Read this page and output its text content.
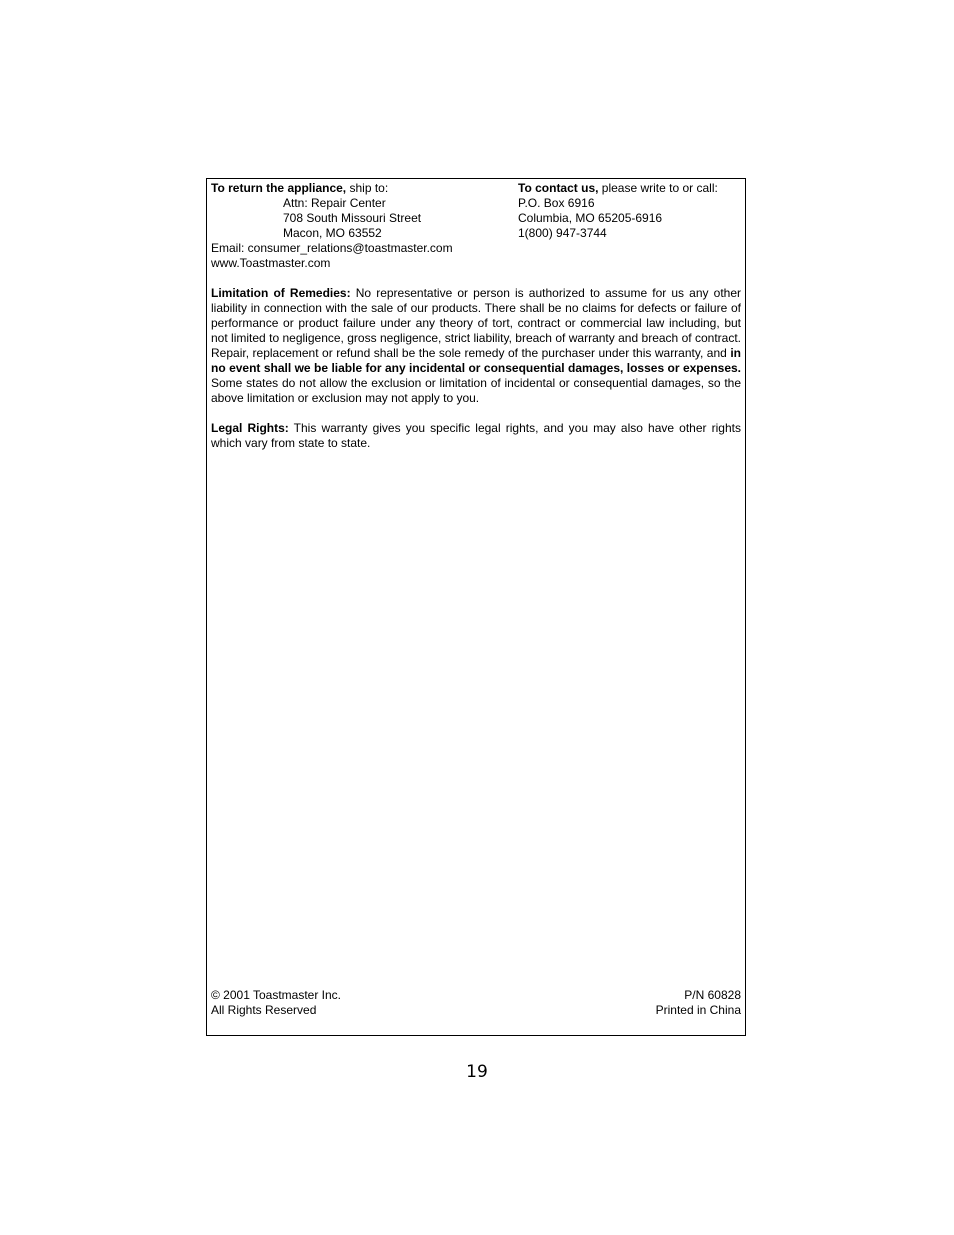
To return the appliance, ship to:
Attn: Repair Center
708 South Missouri Street
Macon, MO 63552
Email: consumer_relations@toastmaster.com
www.Toastmaster.com
To contact us, please write to or call:
P.O. Box 6916
Columbia, MO 65205-6916
1(800) 947-3744
Limitation of Remedies: No representative or person is authorized to assume for us any other liability in connection with the sale of our products. There shall be no claims for defects or failure of performance or product failure under any theory of tort, contract or commercial law including, but not limited to negligence, gross negligence, strict liability, breach of warranty and breach of contract. Repair, replacement or refund shall be the sole remedy of the purchaser under this warranty, and in no event shall we be liable for any incidental or consequential damages, losses or expenses. Some states do not allow the exclusion or limitation of incidental or consequential damages, so the above limitation or exclusion may not apply to you.
Legal Rights: This warranty gives you specific legal rights, and you may also have other rights which vary from state to state.
© 2001 Toastmaster Inc.
All Rights Reserved
P/N 60828
Printed in China
19
